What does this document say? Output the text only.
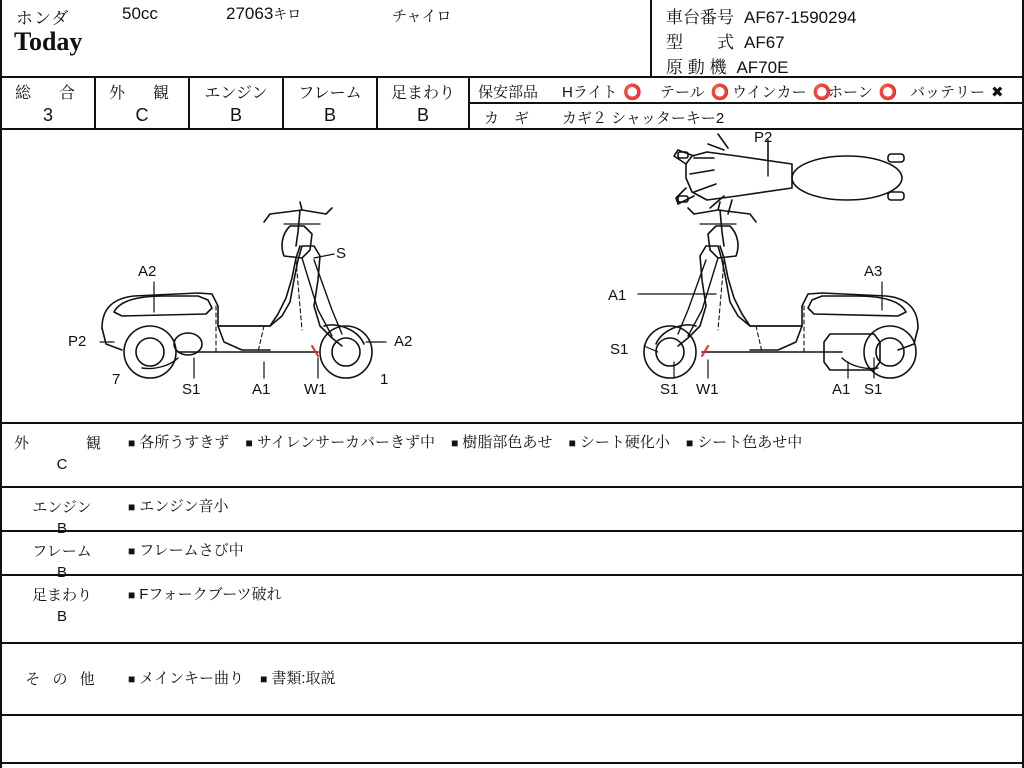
ホンダ	50cc	27063キロ	チャイロ
Today
車台番号 AF67-1590294
型　　式 AF67
原 動 機 AF70E
総　合
3
外　観
C
エンジン
B
フレーム
B
足まわり
B
保安部品 Hライト ⭕	テール ⭕	ウインカー ⭕	ホーン ⭕	バッテリー ✖
カ　ギ カギ２ シャッターキー2
P2
A2
S
P2	A2
7
S1	A1 W1
1
A1
A3
S1
S1 W1	A1 S1
外　　観
C
■ 各所うすきず ■ サイレンサーカバーきず中 ■ 樹脂部色あせ ■ シート硬化小 ■ シート色あせ中
エンジン
B
■ エンジン音小
フレーム
B
■ フレームさび中
足まわり
B
■ Fフォークブーツ破れ
そ の 他	■ メインキー曲り ■ 書類:取説
